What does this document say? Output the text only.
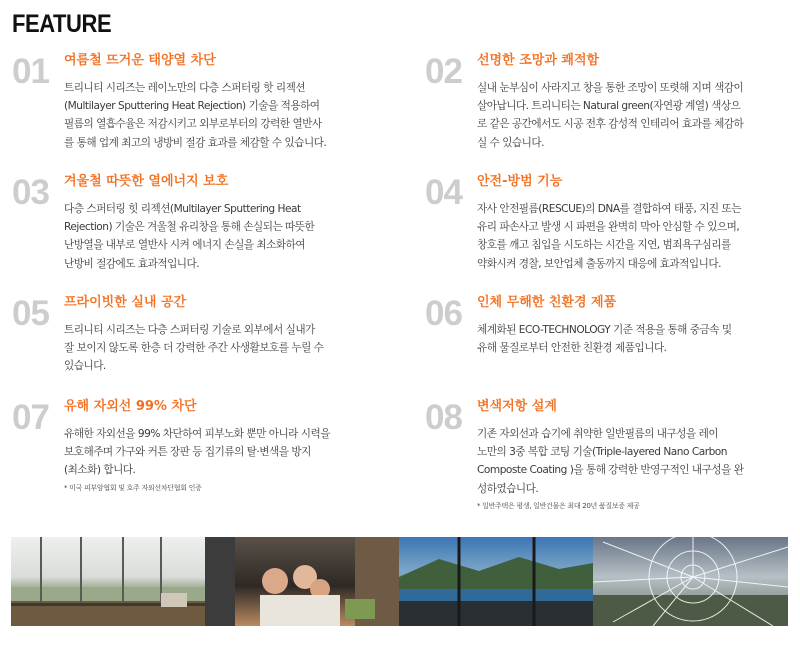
FEATURE
01 여름철 뜨거운 태양열 차단

트리니티 시리즈는 레이노만의 다층 스퍼터링 핫 리젝션
(Multilayer Sputtering Heat Rejection) 기술을 적용하여
필름의 열흡수율은 저감시키고 외부로부터의 강력한 열반사
를 통해 업계 최고의 냉방비 절감 효과를 체감할 수 있습니다.

02 선명한 조망과 쾌적함

실내 눈부심이 사라지고 창을 통한 조망이 또렷해 지며 색감이
살아납니다. 트리니티는 Natural green(자연광 계열) 색상으
로 같은 공간에서도 시공 전후 감성적 인테리어 효과를 체감하
실 수 있습니다.

03 겨울철 따뜻한 열에너지 보호

다층 스퍼터링 힛 리젝션(Multilayer Sputtering Heat
Rejection) 기술은 겨울철 유리창을 통해 손실되는 따뜻한
난방열을 내부로 열반사 시켜 에너지 손실을 최소화하여
난방비 절감에도 효과적입니다.

04 안전-방범 기능

자사 안전필름(RESCUE)의 DNA를 결합하여 태풍, 지진 또는
유리 파손사고 발생 시 파편을 완벽히 막아 안심할 수 있으며,
창호를 깨고 침입을 시도하는 시간을 지연, 범죄욕구심리를
약화시켜 경찰, 보안업체 출동까지 대응에 효과적입니다.

05 프라이빗한 실내 공간

트리니티 시리즈는 다층 스퍼터링 기술로 외부에서 실내가
잘 보이지 않도록 한층 더 강력한 주간 사생활보호를 누릴 수
있습니다.

06 인체 무해한 친환경 제품

체계화된 ECO-TECHNOLOGY 기준 적용을 통해 중금속 및
유해 물질로부터 안전한 친환경 제품입니다.

07 유해 자외선 99% 차단

유해한 자외선을 99% 차단하여 피부노화 뿐만 아니라 시력을
보호해주며 가구와 커튼 장판 등 집기류의 탈·변색을 방지
(최소화) 합니다.

* 미국 피부암협회 및 호주 자외선차단협회 인증
08 변색저항 설계

기존 자외선과 습기에 취약한 일반필름의 내구성을 레이
노만의 3중 복합 코팅 기술(Triple-layered Nano Carbon
Composte Coating )을 통해 강력한 반영구적인 내구성을 완
성하였습니다.

* 일반주택은 평생, 일반건물은 최대 20년 품질보증 제공
